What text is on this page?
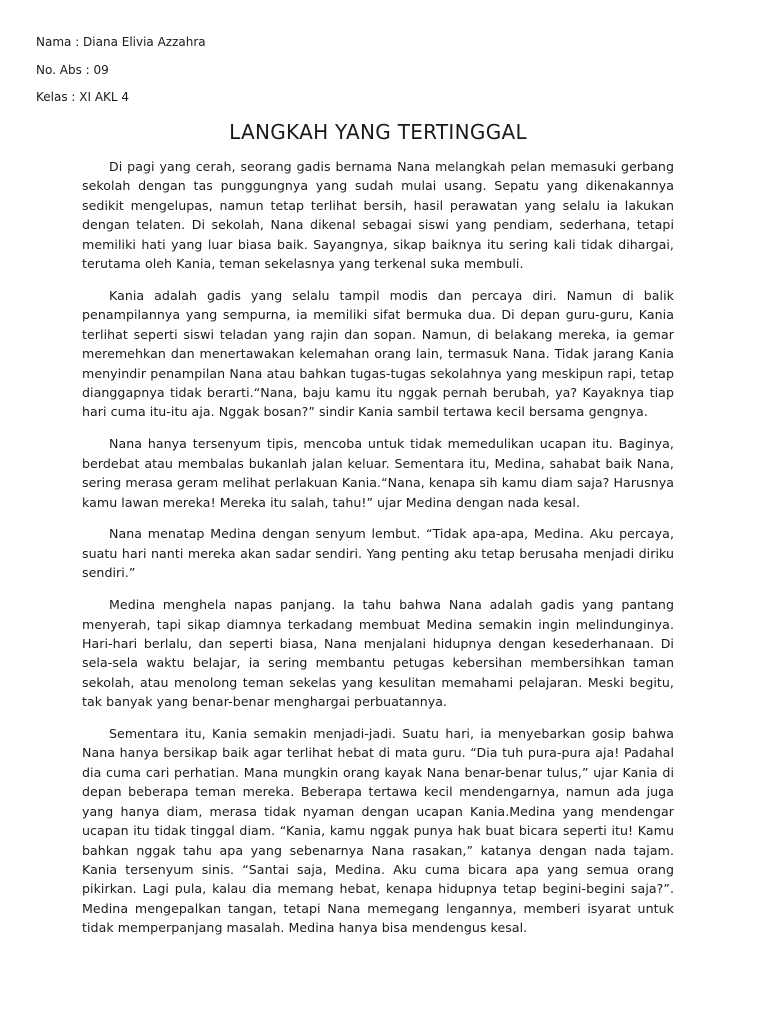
Nama : Diana Elivia Azzahra
No. Abs : 09
Kelas : XI AKL 4
LANGKAH YANG TERTINGGAL

Di pagi yang cerah, seorang gadis bernama Nana melangkah pelan memasuki gerbang sekolah dengan tas punggungnya yang sudah mulai usang. Sepatu yang dikenakannya sedikit mengelupas, namun tetap terlihat bersih, hasil perawatan yang selalu ia lakukan dengan telaten. Di sekolah, Nana dikenal sebagai siswi yang pendiam, sederhana, tetapi memiliki hati yang luar biasa baik. Sayangnya, sikap baiknya itu sering kali tidak dihargai, terutama oleh Kania, teman sekelasnya yang terkenal suka membuli.

Kania adalah gadis yang selalu tampil modis dan percaya diri. Namun di balik penampilannya yang sempurna, ia memiliki sifat bermuka dua. Di depan guru-guru, Kania terlihat seperti siswi teladan yang rajin dan sopan. Namun, di belakang mereka, ia gemar meremehkan dan menertawakan kelemahan orang lain, termasuk Nana. Tidak jarang Kania menyindir penampilan Nana atau bahkan tugas-tugas sekolahnya yang meskipun rapi, tetap dianggapnya tidak berarti.“Nana, baju kamu itu nggak pernah berubah, ya? Kayaknya tiap hari cuma itu-itu aja. Nggak bosan?” sindir Kania sambil tertawa kecil bersama gengnya.

Nana hanya tersenyum tipis, mencoba untuk tidak memedulikan ucapan itu. Baginya, berdebat atau membalas bukanlah jalan keluar. Sementara itu, Medina, sahabat baik Nana, sering merasa geram melihat perlakuan Kania.“Nana, kenapa sih kamu diam saja? Harusnya kamu lawan mereka! Mereka itu salah, tahu!” ujar Medina dengan nada kesal.

Nana menatap Medina dengan senyum lembut. “Tidak apa-apa, Medina. Aku percaya, suatu hari nanti mereka akan sadar sendiri. Yang penting aku tetap berusaha menjadi diriku sendiri.”

Medina menghela napas panjang. Ia tahu bahwa Nana adalah gadis yang pantang menyerah, tapi sikap diamnya terkadang membuat Medina semakin ingin melindunginya. Hari-hari berlalu, dan seperti biasa, Nana menjalani hidupnya dengan kesederhanaan. Di sela-sela waktu belajar, ia sering membantu petugas kebersihan membersihkan taman sekolah, atau menolong teman sekelas yang kesulitan memahami pelajaran. Meski begitu, tak banyak yang benar-benar menghargai perbuatannya.

Sementara itu, Kania semakin menjadi-jadi. Suatu hari, ia menyebarkan gosip bahwa Nana hanya bersikap baik agar terlihat hebat di mata guru. “Dia tuh pura-pura aja! Padahal dia cuma cari perhatian. Mana mungkin orang kayak Nana benar-benar tulus,” ujar Kania di depan beberapa teman mereka. Beberapa tertawa kecil mendengarnya, namun ada juga yang hanya diam, merasa tidak nyaman dengan ucapan Kania.Medina yang mendengar ucapan itu tidak tinggal diam. “Kania, kamu nggak punya hak buat bicara seperti itu! Kamu bahkan nggak tahu apa yang sebenarnya Nana rasakan,” katanya dengan nada tajam. Kania tersenyum sinis. “Santai saja, Medina. Aku cuma bicara apa yang semua orang pikirkan. Lagi pula, kalau dia memang hebat, kenapa hidupnya tetap begini-begini saja?”. Medina mengepalkan tangan, tetapi Nana memegang lengannya, memberi isyarat untuk tidak memperpanjang masalah. Medina hanya bisa mendengus kesal.
